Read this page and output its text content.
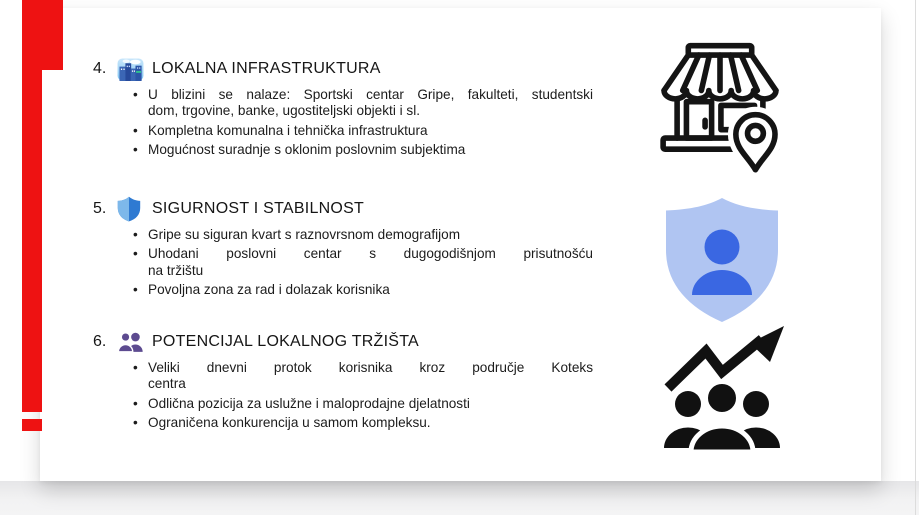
4.	LOKALNA INFRASTRUKTURA
• U blizini se nalaze: Sportski centar Gripe, fakulteti, studentski
dom, trgovine, banke, ugostiteljski objekti i sl.
• Kompletna komunalna i tehnička infrastruktura
• Mogućnost suradnje s oklonim poslovnim subjektima
5.	SIGURNOST I STABILNOST
• Gripe su siguran kvart s raznovrsnom demografijom
• Uhodani poslovni centar s dugogodišnjom prisutnošću
na tržištu
• Povoljna zona za rad i dolazak korisnika
6.	POTENCIJAL LOKALNOG TRŽIŠTA
• Veliki dnevni protok korisnika kroz područje Koteks
centra
• Odlična pozicija za uslužne i maloprodajne djelatnosti
• Ograničena konkurencija u samom kompleksu.
